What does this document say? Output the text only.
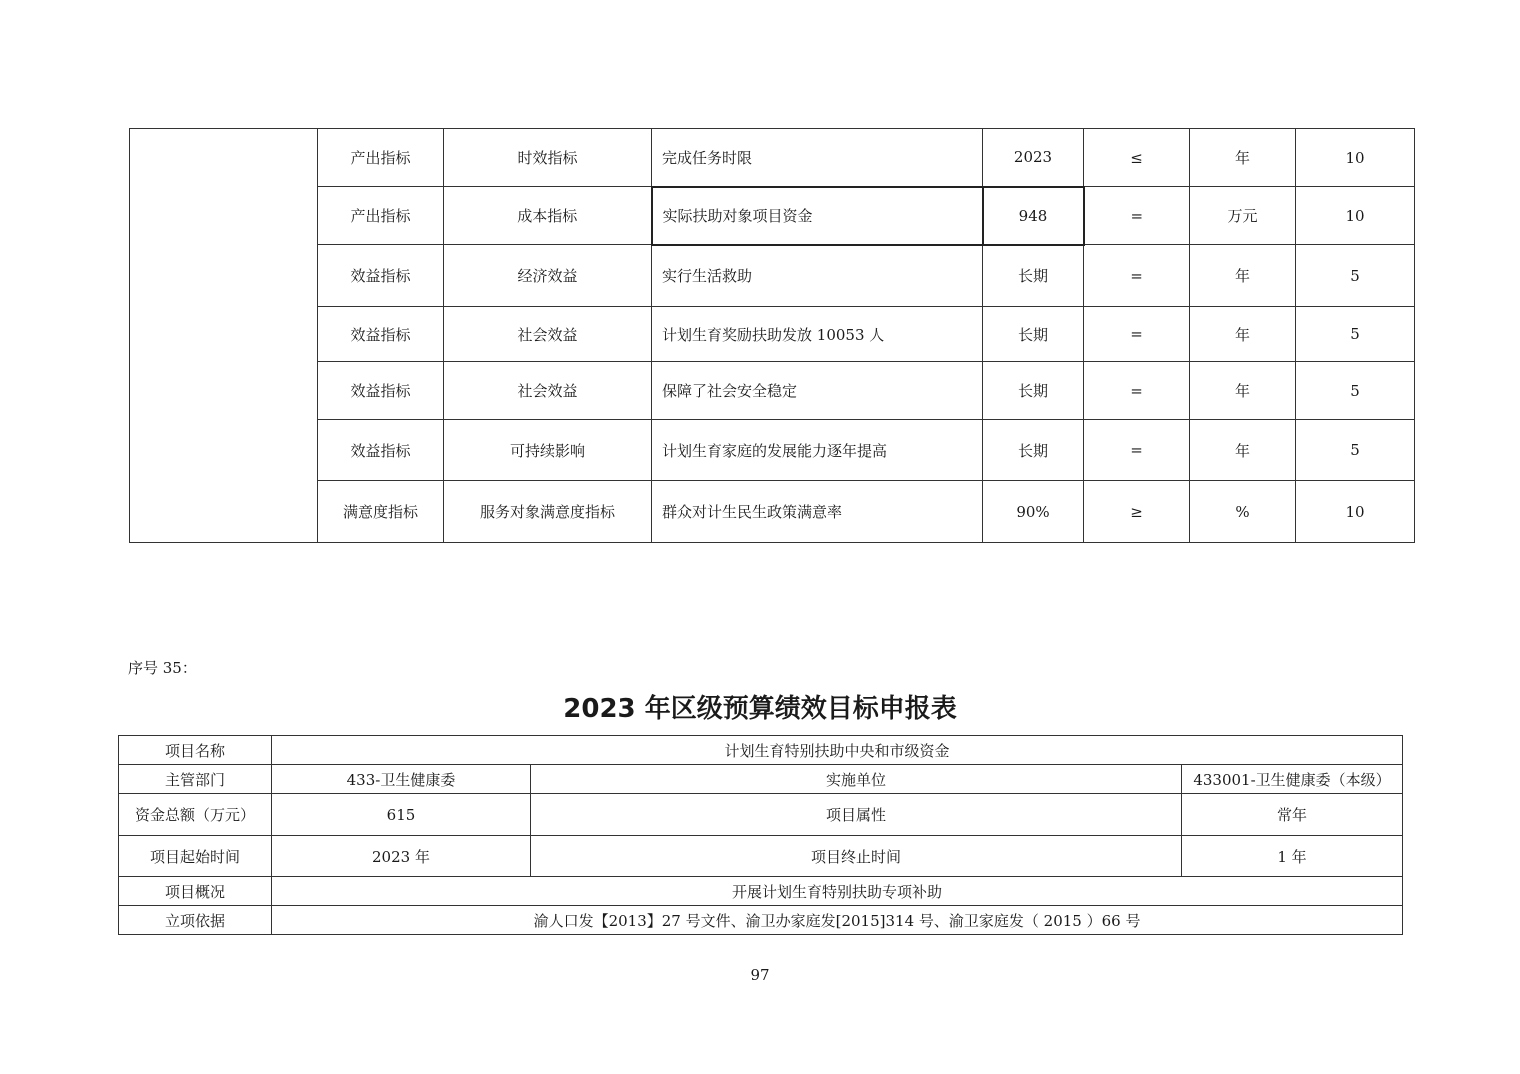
	产出指标	时效指标	完成任务时限	2023	≤	年	10
	产出指标	成本指标	实际扶助对象项目资金	948	=	万元	10
	效益指标	经济效益	实行生活救助	长期	=	年	5
	效益指标	社会效益	计划生育奖励扶助发放 10053 人	长期	=	年	5
	效益指标	社会效益	保障了社会安全稳定	长期	=	年	5
	效益指标	可持续影响	计划生育家庭的发展能力逐年提高	长期	=	年	5
	满意度指标	服务对象满意度指标	群众对计生民生政策满意率	90%	≥	%	10
序号 35：
2023 年区级预算绩效目标申报表
项目名称	计划生育特别扶助中央和市级资金		
主管部门	433-卫生健康委	实施单位	433001-卫生健康委（本级）
资金总额（万元）	615	项目属性	常年
项目起始时间	2023 年	项目终止时间	1 年
项目概况	开展计划生育特别扶助专项补助		
立项依据	渝人口发【2013】27 号文件、渝卫办家庭发[2015]314 号、渝卫家庭发（ 2015 ）66 号		
97
